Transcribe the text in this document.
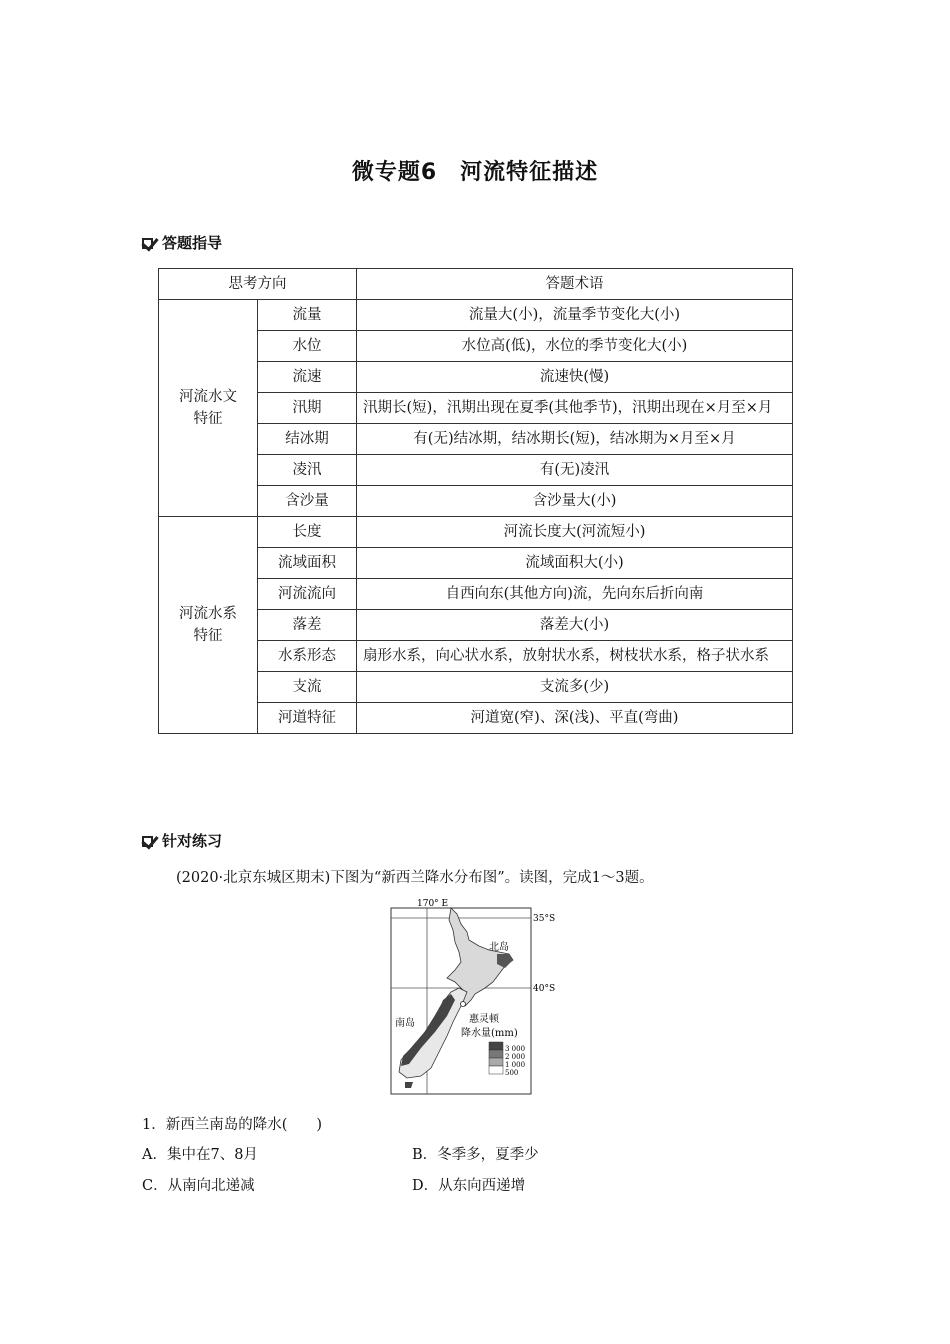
微专题6　河流特征描述
答题指导
思考方向		答题术语
河流水文
特征	流量	流量大(小)，流量季节变化大(小)
	水位	水位高(低)，水位的季节变化大(小)
	流速	流速快(慢)
	汛期	汛期长(短)，汛期出现在夏季(其他季节)，汛期出现在×月至×月
	结冰期	有(无)结冰期，结冰期长(短)，结冰期为×月至×月
	凌汛	有(无)凌汛
	含沙量	含沙量大(小)
河流水系
特征	长度	河流长度大(河流短小)
	流域面积	流域面积大(小)
	河流流向	自西向东(其他方向)流，先向东后折向南
	落差	落差大(小)
	水系形态	扇形水系，向心状水系，放射状水系，树枝状水系，格子状水系
	支流	支流多(少)
	河道特征	河道宽(窄)、深(浅)、平直(弯曲)
针对练习
(2020·北京东城区期末)下图为“新西兰降水分布图”。读图，完成1～3题。
170° E
35°S
40°S
北岛
南岛	惠灵顿
降水量(mm)
3 000
2 000
1 000
500
1．新西兰南岛的降水(　　)
A．集中在7、8月	B．冬季多，夏季少
C．从南向北递减	D．从东向西递增
